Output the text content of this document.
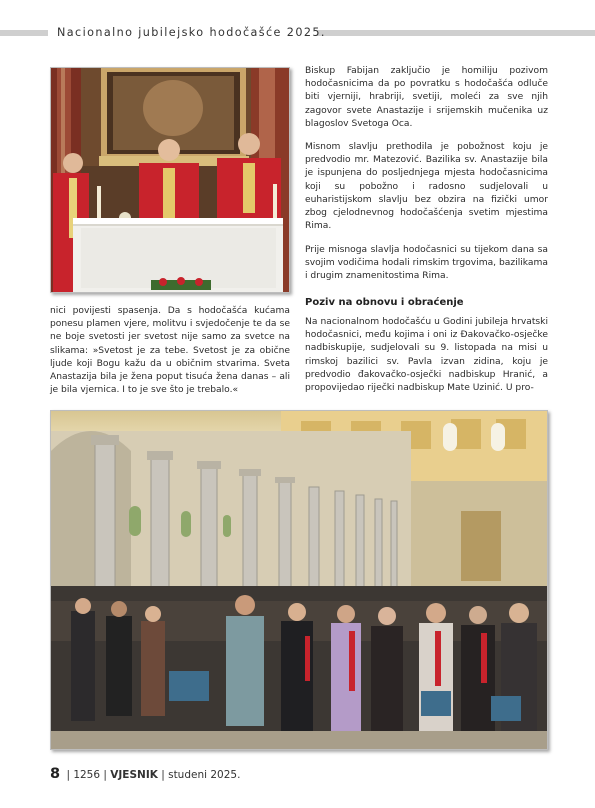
Nacionalno jubilejsko hodočašće 2025.

Biskup Fabijan zaključio je homiliju pozivom hodočasnicima da po povratku s hodočašća odluče biti vjerniji, hrabriji, svetiji, moleći za sve njih zagovor svete Anastazije i srijemskih mučenika uz blagoslov Svetoga Oca.

Misnom slavlju prethodila je pobožnost koju je predvodio mr. Matezović. Bazilika sv. Anastazije bila je ispunjena do posljednjega mjesta hodočasnicima koji su pobožno i radosno sudjelovali u euharistijskom slavlju bez obzira na fizički umor zbog cjelodnevnog hodočašćenja svetim mjestima Rima.

Prije misnoga slavlja hodočasnici su tijekom dana sa svojim vodičima hodali rimskim trgovima, bazilikama i drugim znamenitostima Rima.

Poziv na obnovu i obraćenje

Na nacionalnom hodočašću u Godini jubileja hrvatski hodočasnici, među kojima i oni iz Đakovačko-osječke nadbiskupije, sudjelovali su 9. listopada na misi u rimskoj bazilici sv. Pavla izvan zidina, koju je predvodio đakovačko-osječki nadbiskup Hranić, a propovijedao riječki nadbiskup Mate Uzinić. U pro-

nici povijesti spasenja. Da s hodočašća kućama ponesu plamen vjere, molitvu i svjedočenje te da se ne boje svetosti jer svetost nije samo za svetce na slikama: »Svetost je za tebe. Svetost je za obične ljude koji Bogu kažu da u običnim stvarima. Sveta Anastazija bila je žena poput tisuća žena danas – ali je bila vjernica. I to je sve što je trebalo.«

8 | 1256 | VJESNIK | studeni 2025.
